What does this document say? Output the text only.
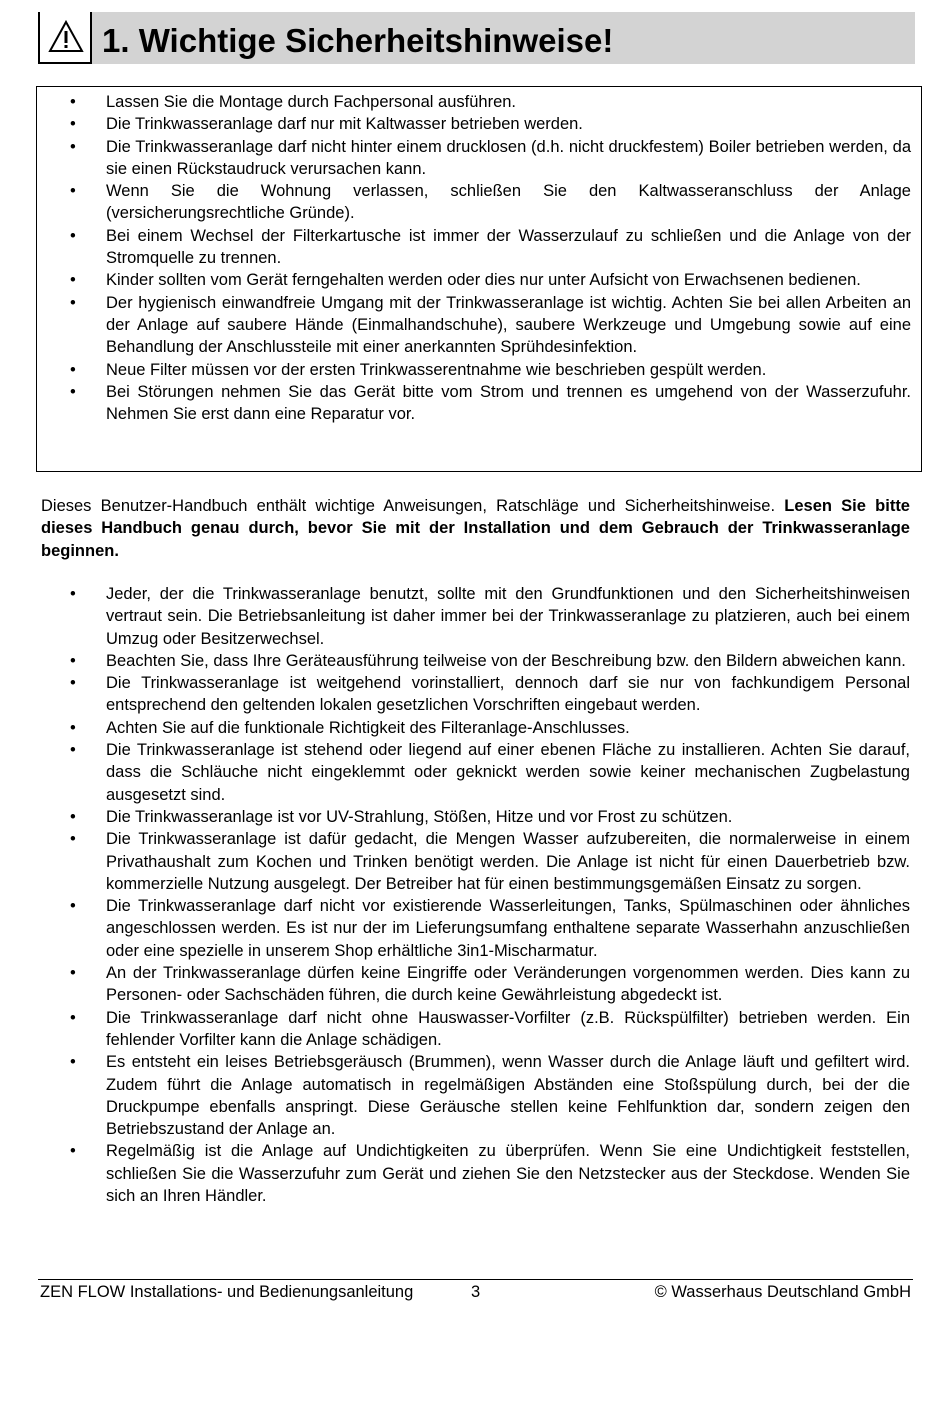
1. Wichtige Sicherheitshinweise!
• Lassen Sie die Montage durch Fachpersonal ausführen.
• Die Trinkwasseranlage darf nur mit Kaltwasser betrieben werden.
• Die Trinkwasseranlage darf nicht hinter einem drucklosen (d.h. nicht druckfestem) Boiler betrieben werden, da sie einen Rückstaudruck verursachen kann.
• Wenn Sie die Wohnung verlassen, schließen Sie den Kaltwasseranschluss der Anlage (versicherungsrechtliche Gründe).
• Bei einem Wechsel der Filterkartusche ist immer der Wasserzulauf zu schließen und die Anlage von der Stromquelle zu trennen.
• Kinder sollten vom Gerät ferngehalten werden oder dies nur unter Aufsicht von Erwachsenen bedienen.
• Der hygienisch einwandfreie Umgang mit der Trinkwasseranlage ist wichtig. Achten Sie bei allen Arbeiten an der Anlage auf saubere Hände (Einmalhandschuhe), saubere Werkzeuge und Umgebung sowie auf eine Behandlung der Anschlussteile mit einer anerkannten Sprühdesinfektion.
• Neue Filter müssen vor der ersten Trinkwasserentnahme wie beschrieben gespült werden.
• Bei Störungen nehmen Sie das Gerät bitte vom Strom und trennen es umgehend von der Wasserzufuhr. Nehmen Sie erst dann eine Reparatur vor.

Dieses Benutzer-Handbuch enthält wichtige Anweisungen, Ratschläge und Sicherheitshinweise. Lesen Sie bitte dieses Handbuch genau durch, bevor Sie mit der Installation und dem Gebrauch der Trinkwasseranlage beginnen.

• Jeder, der die Trinkwasseranlage benutzt, sollte mit den Grundfunktionen und den Sicherheitshinweisen vertraut sein. Die Betriebsanleitung ist daher immer bei der Trinkwasseranlage zu platzieren, auch bei einem Umzug oder Besitzerwechsel.
• Beachten Sie, dass Ihre Geräteausführung teilweise von der Beschreibung bzw. den Bildern abweichen kann.
• Die Trinkwasseranlage ist weitgehend vorinstalliert, dennoch darf sie nur von fachkundigem Personal entsprechend den geltenden lokalen gesetzlichen Vorschriften eingebaut werden.
• Achten Sie auf die funktionale Richtigkeit des Filteranlage-Anschlusses.
• Die Trinkwasseranlage ist stehend oder liegend auf einer ebenen Fläche zu installieren. Achten Sie darauf, dass die Schläuche nicht eingeklemmt oder geknickt werden sowie keiner mechanischen Zugbelastung ausgesetzt sind.
• Die Trinkwasseranlage ist vor UV-Strahlung, Stößen, Hitze und vor Frost zu schützen.
• Die Trinkwasseranlage ist dafür gedacht, die Mengen Wasser aufzubereiten, die normalerweise in einem Privathaushalt zum Kochen und Trinken benötigt werden. Die Anlage ist nicht für einen Dauerbetrieb bzw. kommerzielle Nutzung ausgelegt. Der Betreiber hat für einen bestimmungsgemäßen Einsatz zu sorgen.
• Die Trinkwasseranlage darf nicht vor existierende Wasserleitungen, Tanks, Spülmaschinen oder ähnliches angeschlossen werden. Es ist nur der im Lieferungsumfang enthaltene separate Wasserhahn anzuschließen oder eine spezielle in unserem Shop erhältliche 3in1-Mischarmatur.
• An der Trinkwasseranlage dürfen keine Eingriffe oder Veränderungen vorgenommen werden. Dies kann zu Personen- oder Sachschäden führen, die durch keine Gewährleistung abgedeckt ist.
• Die Trinkwasseranlage darf nicht ohne Hauswasser-Vorfilter (z.B. Rückspülfilter) betrieben werden. Ein fehlender Vorfilter kann die Anlage schädigen.
• Es entsteht ein leises Betriebsgeräusch (Brummen), wenn Wasser durch die Anlage läuft und gefiltert wird. Zudem führt die Anlage automatisch in regelmäßigen Abständen eine Stoßspülung durch, bei der die Druckpumpe ebenfalls anspringt. Diese Geräusche stellen keine Fehlfunktion dar, sondern zeigen den Betriebszustand der Anlage an.
• Regelmäßig ist die Anlage auf Undichtigkeiten zu überprüfen. Wenn Sie eine Undichtigkeit feststellen, schließen Sie die Wasserzufuhr zum Gerät und ziehen Sie den Netzstecker aus der Steckdose. Wenden Sie sich an Ihren Händler.
ZEN FLOW Installations- und Bedienungsanleitung	3	© Wasserhaus Deutschland GmbH
